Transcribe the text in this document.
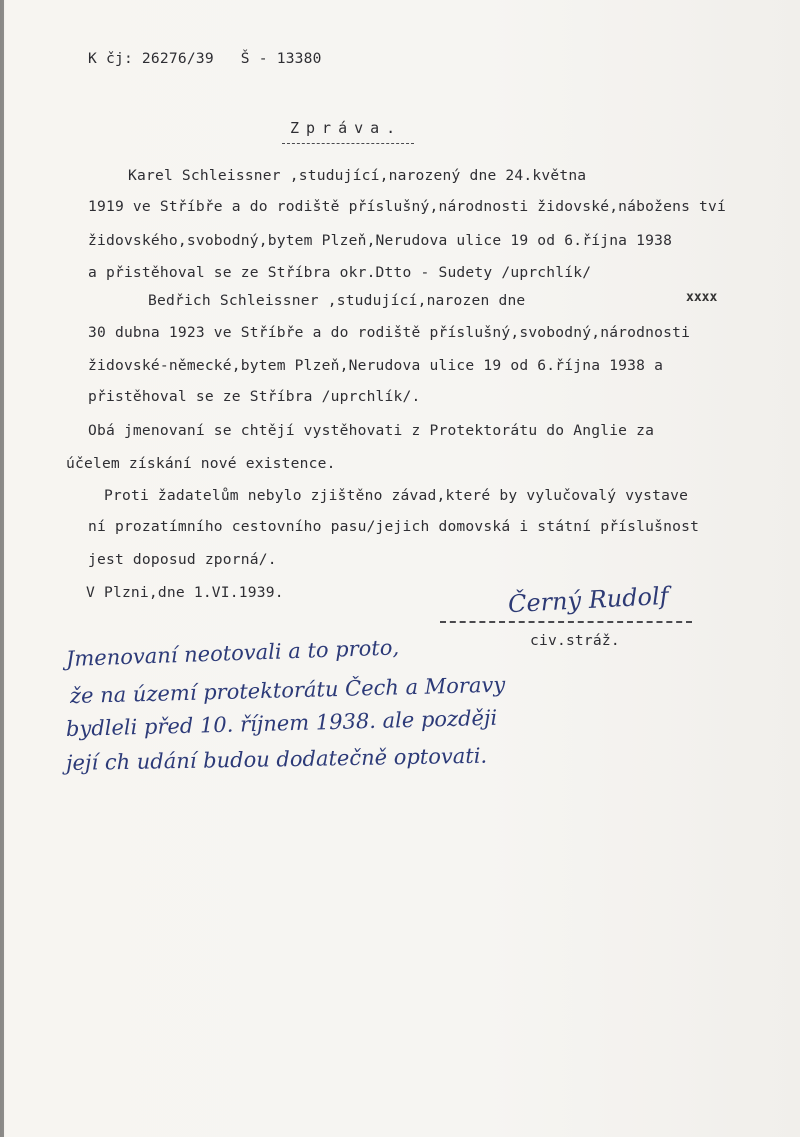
K čj: 26276/39   Š - 13380
Zpráva.
Karel Schleissner ,studující,narozený dne 24.května
1919 ve Stříbře a do rodiště příslušný,národnosti židovské,nábožens tví
židovského,svobodný,bytem Plzeň,Nerudova ulice 19 od 6.října 1938
a přistěhoval se ze Stříbra okr.Dtto - Sudety /uprchlík/
Bedřich Schleissner ,studující,narozen dne	xxxx
30 dubna 1923 ve Stříbře a do rodiště příslušný,svobodný,národnosti
židovské-německé,bytem Plzeň,Nerudova ulice 19 od 6.října 1938 a
přistěhoval se ze Stříbra /uprchlík/.
Obá jmenovaní se chtějí vystěhovati z Protektorátu do Anglie za
účelem získání nové existence.
Proti žadatelům nebylo zjištěno závad,které by vylučovalý vystave
ní prozatímního cestovního pasu/jejich domovská i státní příslušnost
jest doposud zporná/.
V Plzni,dne 1.VI.1939.	Černý Rudolf
civ.stráž.
Jmenovaní neotovali a to proto,
že na území protektorátu Čech a Moravy
bydleli před 10. říjnem 1938. ale později
její ch udání budou dodatečně optovati.
